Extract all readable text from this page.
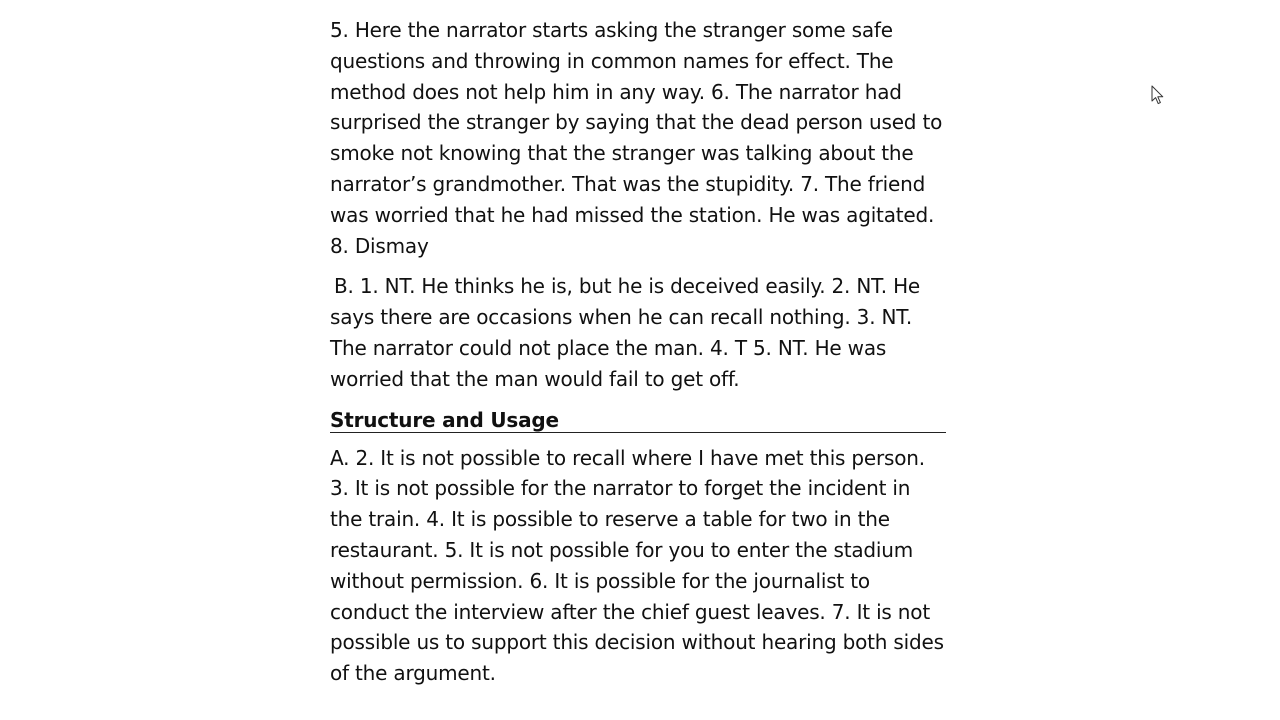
5. Here the narrator starts asking the stranger some safe questions and throwing in common names for effect. The method does not help him in any way. 6. The narrator had surprised the stranger by saying that the dead person used to smoke not knowing that the stranger was talking about the narrator’s grandmother. That was the stupidity. 7. The friend was worried that he had missed the station. He was agitated. 8. Dismay

B. 1. NT. He thinks he is, but he is deceived easily. 2. NT. He says there are occasions when he can recall nothing. 3. NT. The narrator could not place the man. 4. T 5. NT. He was worried that the man would fail to get off.

Structure and Usage

A. 2. It is not possible to recall where I have met this person. 3. It is not possible for the narrator to forget the incident in the train. 4. It is possible to reserve a table for two in the restaurant. 5. It is not possible for you to enter the stadium without permission. 6. It is possible for the journalist to conduct the interview after the chief guest leaves. 7. It is not possible us to support this decision without hearing both sides of the argument.
